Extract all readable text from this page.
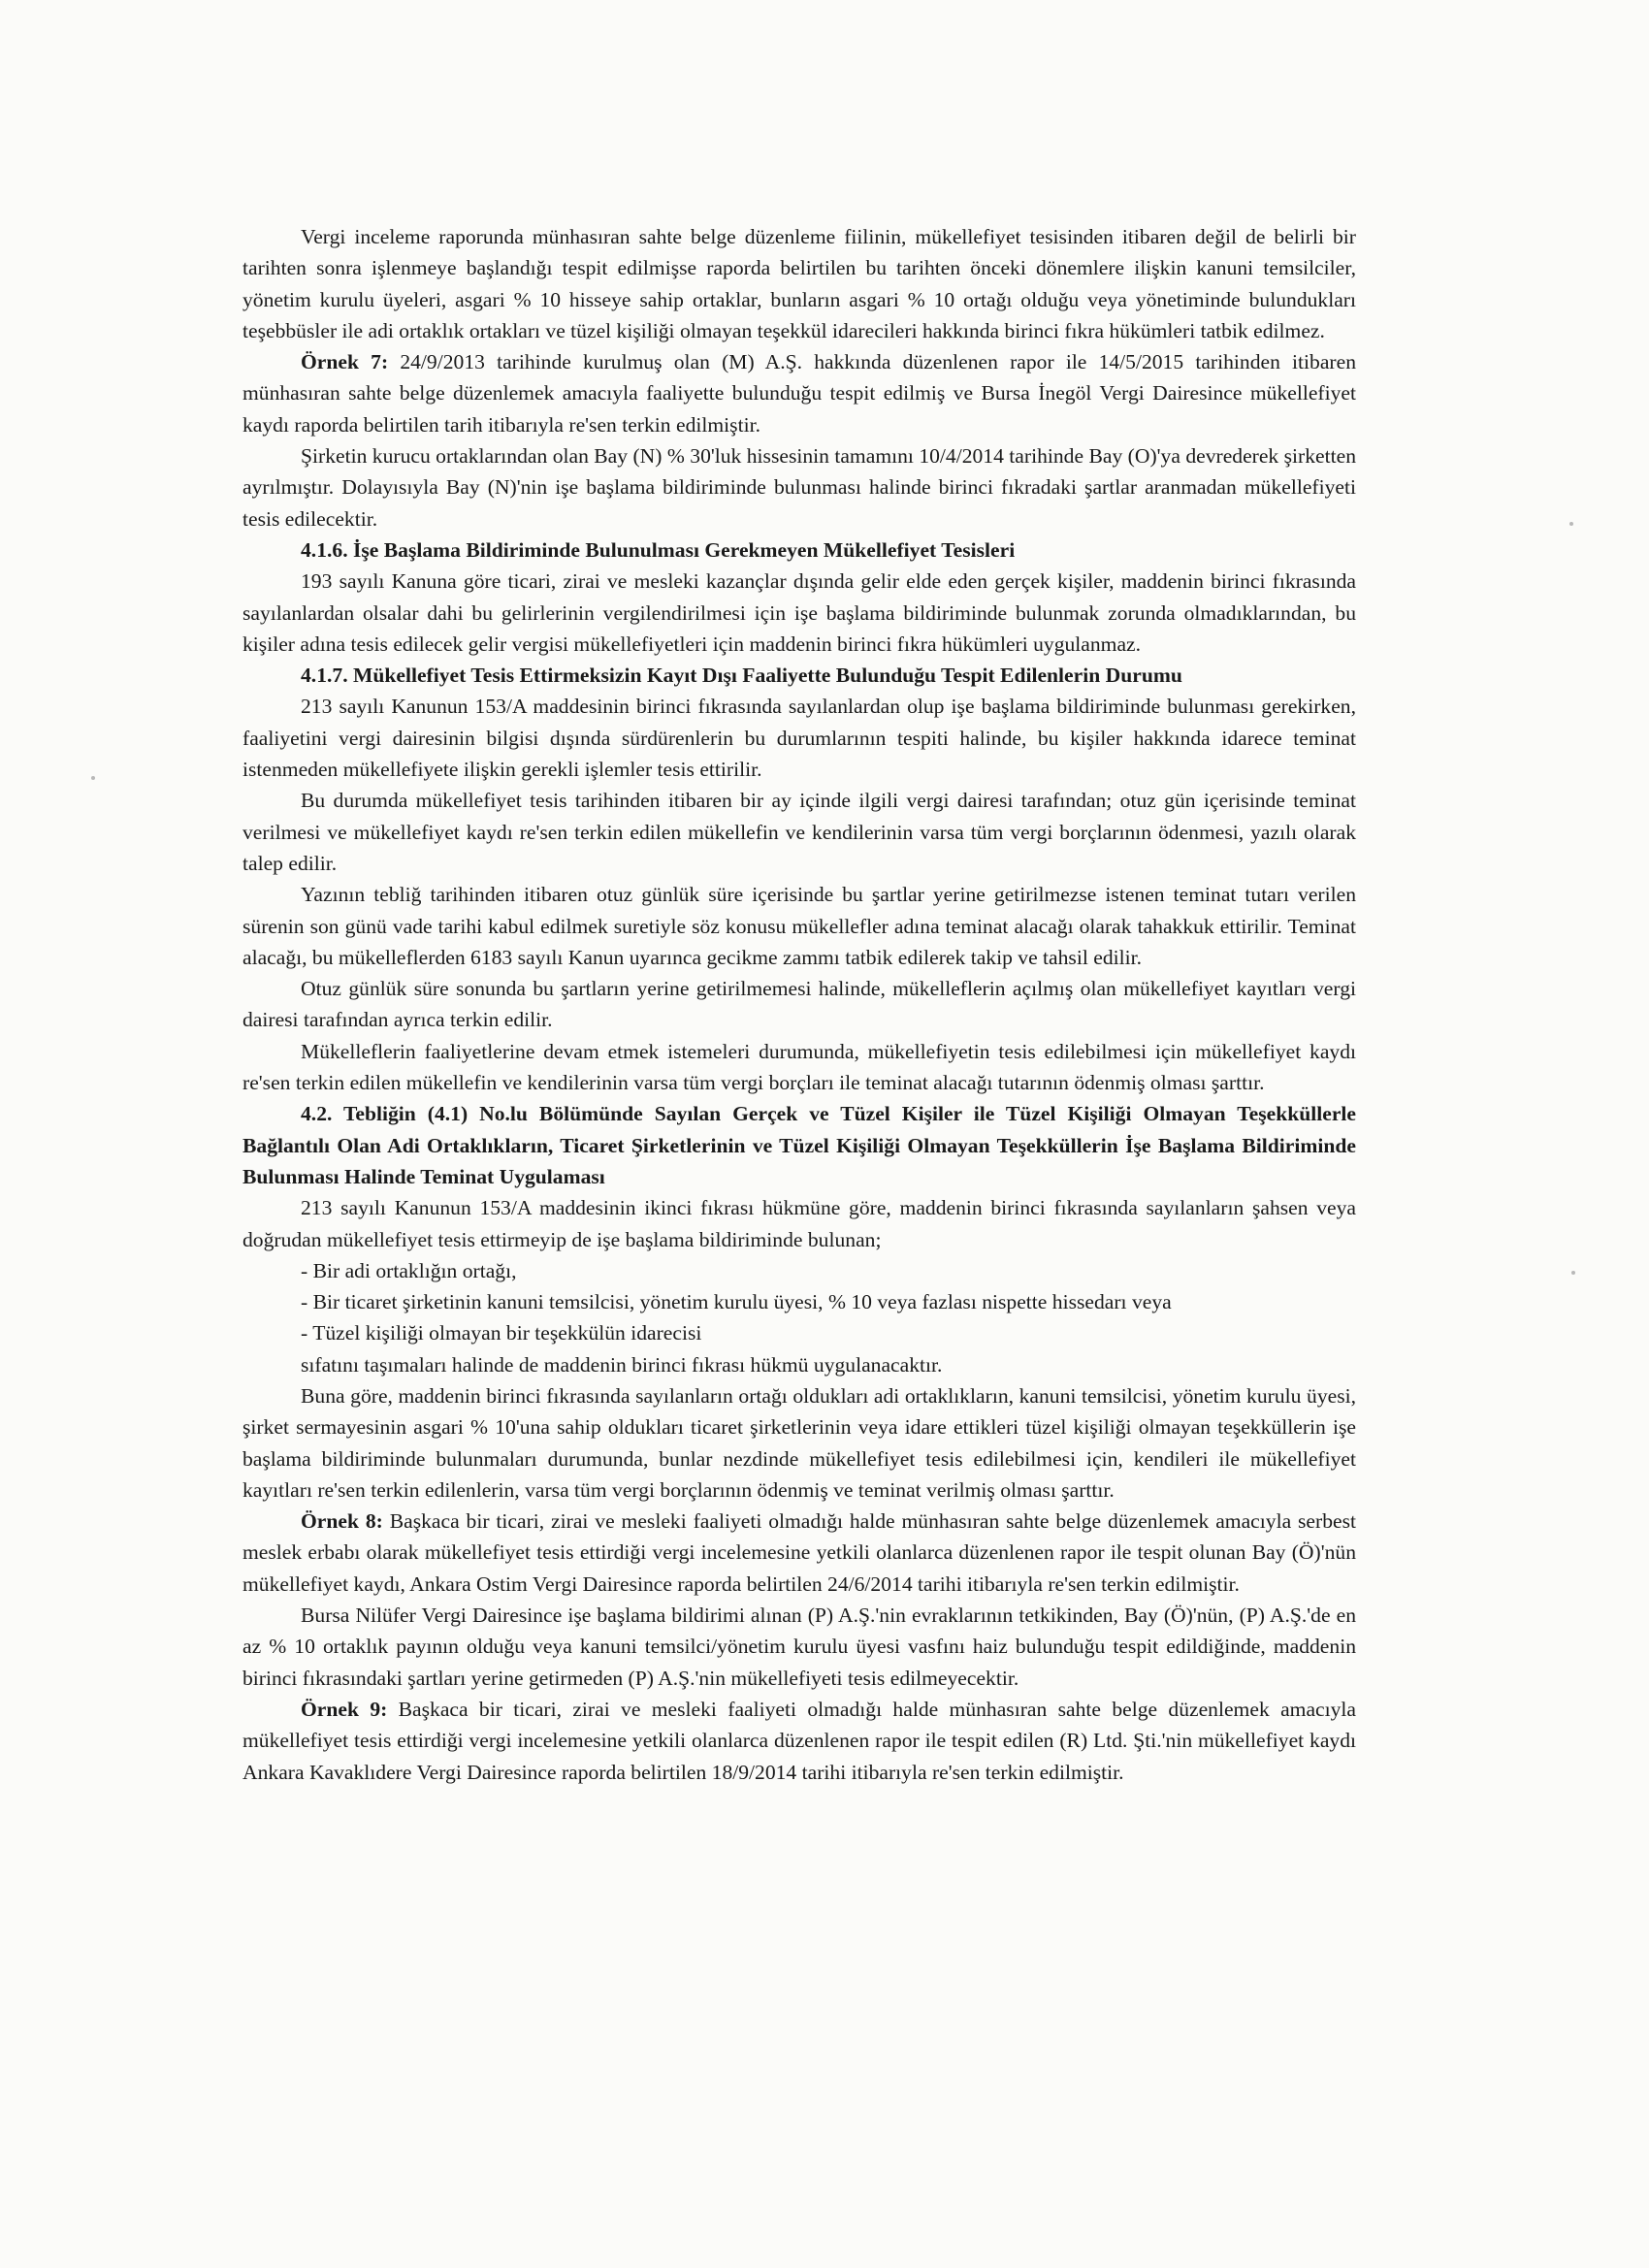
Vergi inceleme raporunda münhasıran sahte belge düzenleme fiilinin, mükellefiyet tesisinden itibaren değil de belirli bir tarihten sonra işlenmeye başlandığı tespit edilmişse raporda belirtilen bu tarihten önceki dönemlere ilişkin kanuni temsilciler, yönetim kurulu üyeleri, asgari % 10 hisseye sahip ortaklar, bunların asgari % 10 ortağı olduğu veya yönetiminde bulundukları teşebbüsler ile adi ortaklık ortakları ve tüzel kişiliği olmayan teşekkül idarecileri hakkında birinci fıkra hükümleri tatbik edilmez.

Örnek 7: 24/9/2013 tarihinde kurulmuş olan (M) A.Ş. hakkında düzenlenen rapor ile 14/5/2015 tarihinden itibaren münhasıran sahte belge düzenlemek amacıyla faaliyette bulunduğu tespit edilmiş ve Bursa İnegöl Vergi Dairesince mükellefiyet kaydı raporda belirtilen tarih itibarıyla re'sen terkin edilmiştir.

Şirketin kurucu ortaklarından olan Bay (N) % 30'luk hissesinin tamamını 10/4/2014 tarihinde Bay (O)'ya devrederek şirketten ayrılmıştır. Dolayısıyla Bay (N)'nin işe başlama bildiriminde bulunması halinde birinci fıkradaki şartlar aranmadan mükellefiyeti tesis edilecektir.

4.1.6. İşe Başlama Bildiriminde Bulunulması Gerekmeyen Mükellefiyet Tesisleri

193 sayılı Kanuna göre ticari, zirai ve mesleki kazançlar dışında gelir elde eden gerçek kişiler, maddenin birinci fıkrasında sayılanlardan olsalar dahi bu gelirlerinin vergilendirilmesi için işe başlama bildiriminde bulunmak zorunda olmadıklarından, bu kişiler adına tesis edilecek gelir vergisi mükellefiyetleri için maddenin birinci fıkra hükümleri uygulanmaz.

4.1.7. Mükellefiyet Tesis Ettirmeksizin Kayıt Dışı Faaliyette Bulunduğu Tespit Edilenlerin Durumu

213 sayılı Kanunun 153/A maddesinin birinci fıkrasında sayılanlardan olup işe başlama bildiriminde bulunması gerekirken, faaliyetini vergi dairesinin bilgisi dışında sürdürenlerin bu durumlarının tespiti halinde, bu kişiler hakkında idarece teminat istenmeden mükellefiyete ilişkin gerekli işlemler tesis ettirilir.

Bu durumda mükellefiyet tesis tarihinden itibaren bir ay içinde ilgili vergi dairesi tarafından; otuz gün içerisinde teminat verilmesi ve mükellefiyet kaydı re'sen terkin edilen mükellefin ve kendilerinin varsa tüm vergi borçlarının ödenmesi, yazılı olarak talep edilir.

Yazının tebliğ tarihinden itibaren otuz günlük süre içerisinde bu şartlar yerine getirilmezse istenen teminat tutarı verilen sürenin son günü vade tarihi kabul edilmek suretiyle söz konusu mükellefler adına teminat alacağı olarak tahakkuk ettirilir. Teminat alacağı, bu mükelleflerden 6183 sayılı Kanun uyarınca gecikme zammı tatbik edilerek takip ve tahsil edilir.

Otuz günlük süre sonunda bu şartların yerine getirilmemesi halinde, mükelleflerin açılmış olan mükellefiyet kayıtları vergi dairesi tarafından ayrıca terkin edilir.

Mükelleflerin faaliyetlerine devam etmek istemeleri durumunda, mükellefiyetin tesis edilebilmesi için mükellefiyet kaydı re'sen terkin edilen mükellefin ve kendilerinin varsa tüm vergi borçları ile teminat alacağı tutarının ödenmiş olması şarttır.

4.2. Tebliğin (4.1) No.lu Bölümünde Sayılan Gerçek ve Tüzel Kişiler ile Tüzel Kişiliği Olmayan Teşekküllerle Bağlantılı Olan Adi Ortaklıkların, Ticaret Şirketlerinin ve Tüzel Kişiliği Olmayan Teşekküllerin İşe Başlama Bildiriminde Bulunması Halinde Teminat Uygulaması

213 sayılı Kanunun 153/A maddesinin ikinci fıkrası hükmüne göre, maddenin birinci fıkrasında sayılanların şahsen veya doğrudan mükellefiyet tesis ettirmeyip de işe başlama bildiriminde bulunan;

- Bir adi ortaklığın ortağı,

- Bir ticaret şirketinin kanuni temsilcisi, yönetim kurulu üyesi, % 10 veya fazlası nispette hissedarı veya

- Tüzel kişiliği olmayan bir teşekkülün idarecisi

sıfatını taşımaları halinde de maddenin birinci fıkrası hükmü uygulanacaktır.

Buna göre, maddenin birinci fıkrasında sayılanların ortağı oldukları adi ortaklıkların, kanuni temsilcisi, yönetim kurulu üyesi, şirket sermayesinin asgari % 10'una sahip oldukları ticaret şirketlerinin veya idare ettikleri tüzel kişiliği olmayan teşekküllerin işe başlama bildiriminde bulunmaları durumunda, bunlar nezdinde mükellefiyet tesis edilebilmesi için, kendileri ile mükellefiyet kayıtları re'sen terkin edilenlerin, varsa tüm vergi borçlarının ödenmiş ve teminat verilmiş olması şarttır.

Örnek 8: Başkaca bir ticari, zirai ve mesleki faaliyeti olmadığı halde münhasıran sahte belge düzenlemek amacıyla serbest meslek erbabı olarak mükellefiyet tesis ettirdiği vergi incelemesine yetkili olanlarca düzenlenen rapor ile tespit olunan Bay (Ö)'nün mükellefiyet kaydı, Ankara Ostim Vergi Dairesince raporda belirtilen 24/6/2014 tarihi itibarıyla re'sen terkin edilmiştir.

Bursa Nilüfer Vergi Dairesince işe başlama bildirimi alınan (P) A.Ş.'nin evraklarının tetkikinden, Bay (Ö)'nün, (P) A.Ş.'de en az % 10 ortaklık payının olduğu veya kanuni temsilci/yönetim kurulu üyesi vasfını haiz bulunduğu tespit edildiğinde, maddenin birinci fıkrasındaki şartları yerine getirmeden (P) A.Ş.'nin mükellefiyeti tesis edilmeyecektir.

Örnek 9: Başkaca bir ticari, zirai ve mesleki faaliyeti olmadığı halde münhasıran sahte belge düzenlemek amacıyla mükellefiyet tesis ettirdiği vergi incelemesine yetkili olanlarca düzenlenen rapor ile tespit edilen (R) Ltd. Şti.'nin mükellefiyet kaydı Ankara Kavaklıdere Vergi Dairesince raporda belirtilen 18/9/2014 tarihi itibarıyla re'sen terkin edilmiştir.
